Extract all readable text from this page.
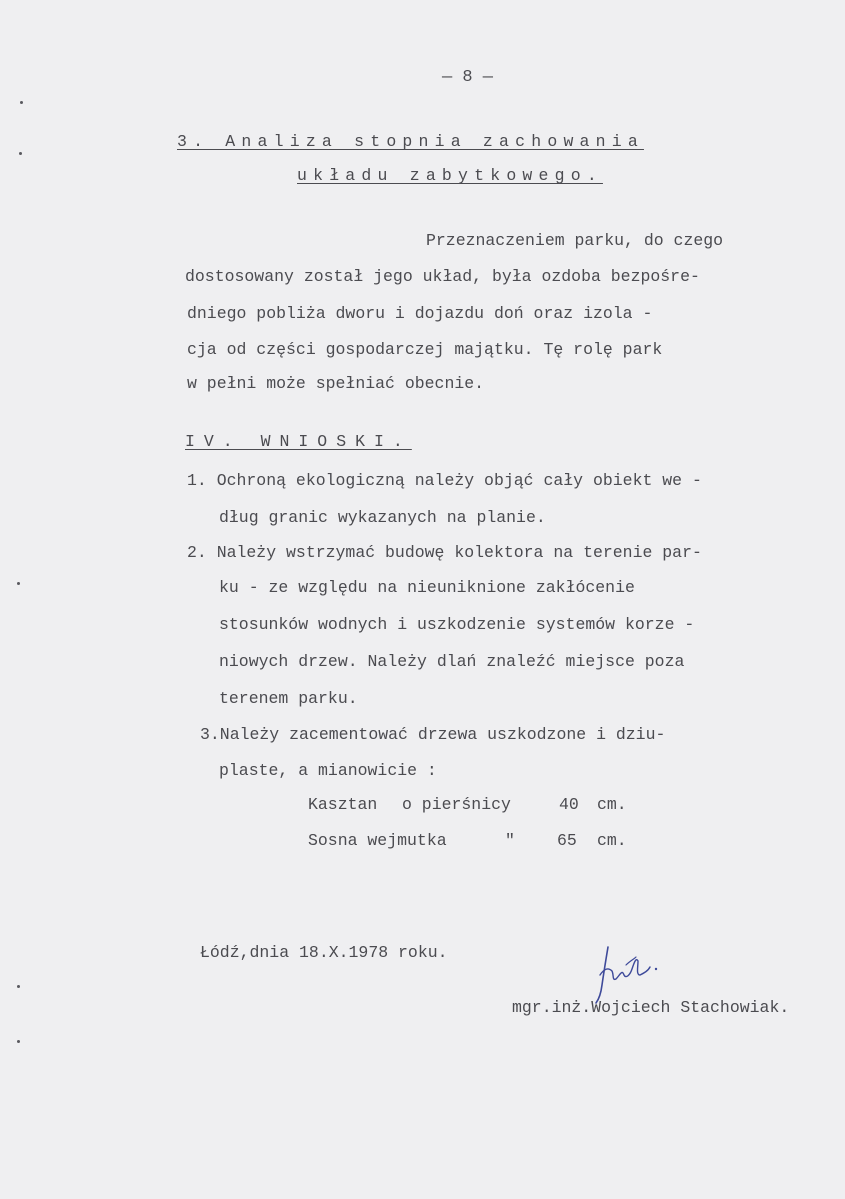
— 8 —
3. Analiza stopnia zachowania
układu zabytkowego.
Przeznaczeniem parku, do czego
dostosowany został jego układ, była ozdoba bezpośre-
dniego pobliża dworu i dojazdu doń oraz izola -
cja od części gospodarczej majątku. Tę rolę park
w pełni może spełniać obecnie.
IV. WNIOSKI.
1. Ochroną ekologiczną należy objąć cały obiekt we -
dług granic wykazanych na planie.
2. Należy wstrzymać budowę kolektora na terenie par-
ku - ze względu na nieuniknione zakłócenie
stosunków wodnych i uszkodzenie systemów korze -
niowych drzew. Należy dlań znaleźć miejsce poza
terenem parku.
3.Należy zacementować drzewa uszkodzone i dziu-
plaste, a mianowicie :
Kasztan o pierśnicy	40 cm.
Sosna wejmutka	"	65 cm.
Łódź,dnia 18.X.1978 roku.
mgr.inż.Wojciech Stachowiak.
